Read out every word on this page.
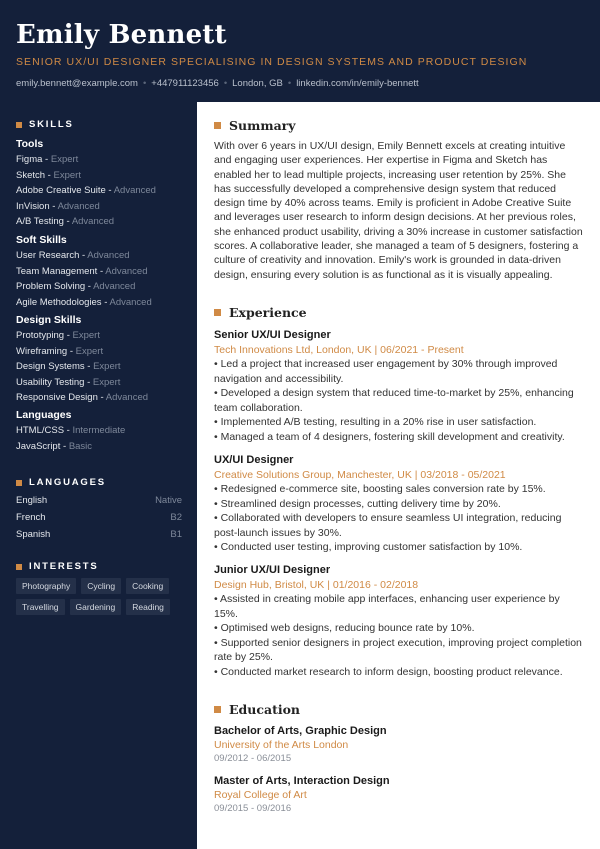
Emily Bennett
SENIOR UX/UI DESIGNER SPECIALISING IN DESIGN SYSTEMS AND PRODUCT DESIGN
emily.bennett@example.com • +447911123456 • London, GB • linkedin.com/in/emily-bennett
SKILLS
Tools
Figma - Expert
Sketch - Expert
Adobe Creative Suite - Advanced
InVision - Advanced
A/B Testing - Advanced
Soft Skills
User Research - Advanced
Team Management - Advanced
Problem Solving - Advanced
Agile Methodologies - Advanced
Design Skills
Prototyping - Expert
Wireframing - Expert
Design Systems - Expert
Usability Testing - Expert
Responsive Design - Advanced
Languages
HTML/CSS - Intermediate
JavaScript - Basic
LANGUAGES
English	Native
French	B2
Spanish	B1
INTERESTS
Photography	Cycling	Cooking
Travelling	Gardening	Reading
Summary
With over 6 years in UX/UI design, Emily Bennett excels at creating intuitive and engaging user experiences. Her expertise in Figma and Sketch has enabled her to lead multiple projects, increasing user retention by 25%. She has successfully developed a comprehensive design system that reduced design time by 40% across teams. Emily is proficient in Adobe Creative Suite and leverages user research to inform design decisions. At her previous roles, she enhanced product usability, driving a 30% increase in customer satisfaction scores. A collaborative leader, she managed a team of 5 designers, fostering a culture of creativity and innovation. Emily's work is grounded in data-driven design, ensuring every solution is as functional as it is visually appealing.
Experience
Senior UX/UI Designer
Tech Innovations Ltd, London, UK | 06/2021 - Present
• Led a project that increased user engagement by 30% through improved navigation and accessibility.
• Developed a design system that reduced time-to-market by 25%, enhancing team collaboration.
• Implemented A/B testing, resulting in a 20% rise in user satisfaction.
• Managed a team of 4 designers, fostering skill development and creativity.
UX/UI Designer
Creative Solutions Group, Manchester, UK | 03/2018 - 05/2021
• Redesigned e-commerce site, boosting sales conversion rate by 15%.
• Streamlined design processes, cutting delivery time by 20%.
• Collaborated with developers to ensure seamless UI integration, reducing post-launch issues by 30%.
• Conducted user testing, improving customer satisfaction by 10%.
Junior UX/UI Designer
Design Hub, Bristol, UK | 01/2016 - 02/2018
• Assisted in creating mobile app interfaces, enhancing user experience by 15%.
• Optimised web designs, reducing bounce rate by 10%.
• Supported senior designers in project execution, improving project completion rate by 25%.
• Conducted market research to inform design, boosting product relevance.
Education
Bachelor of Arts, Graphic Design
University of the Arts London
09/2012 - 06/2015
Master of Arts, Interaction Design
Royal College of Art
09/2015 - 09/2016
